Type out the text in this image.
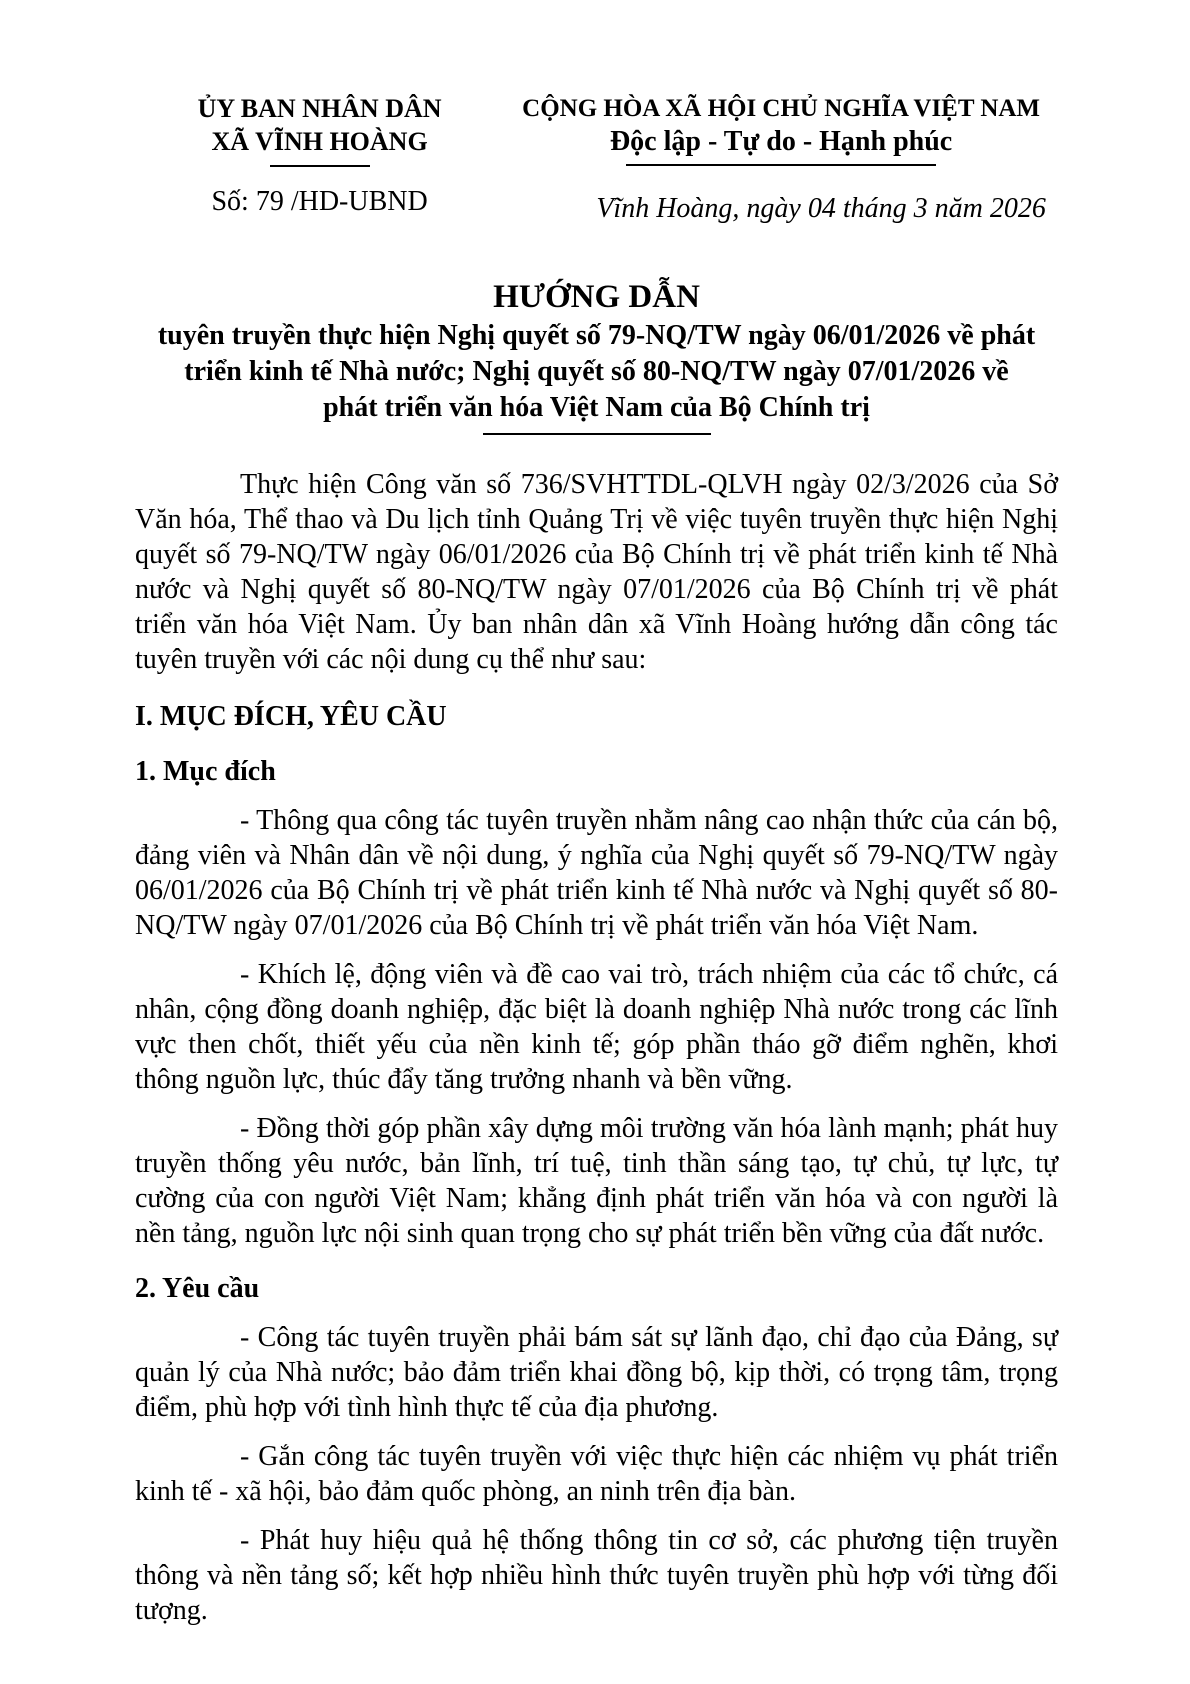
ỦY BAN NHÂN DÂN
XÃ VĨNH HOÀNG
Số: 79 /HD-UBND
CỘNG HÒA XÃ HỘI CHỦ NGHĨA VIỆT NAM
Độc lập - Tự do - Hạnh phúc
Vĩnh Hoàng, ngày 04 tháng 3 năm 2026
HƯỚNG DẪN
tuyên truyền thực hiện Nghị quyết số 79-NQ/TW ngày 06/01/2026 về phát
triển kinh tế Nhà nước; Nghị quyết số 80-NQ/TW ngày 07/01/2026 về
phát triển văn hóa Việt Nam của Bộ Chính trị

Thực hiện Công văn số 736/SVHTTDL-QLVH ngày 02/3/2026 của Sở Văn hóa, Thể thao và Du lịch tỉnh Quảng Trị về việc tuyên truyền thực hiện Nghị quyết số 79-NQ/TW ngày 06/01/2026 của Bộ Chính trị về phát triển kinh tế Nhà nước và Nghị quyết số 80-NQ/TW ngày 07/01/2026 của Bộ Chính trị về phát triển văn hóa Việt Nam. Ủy ban nhân dân xã Vĩnh Hoàng hướng dẫn công tác tuyên truyền với các nội dung cụ thể như sau:

I. MỤC ĐÍCH, YÊU CẦU

1. Mục đích

- Thông qua công tác tuyên truyền nhằm nâng cao nhận thức của cán bộ, đảng viên và Nhân dân về nội dung, ý nghĩa của Nghị quyết số 79-NQ/TW ngày 06/01/2026 của Bộ Chính trị về phát triển kinh tế Nhà nước và Nghị quyết số 80-NQ/TW ngày 07/01/2026 của Bộ Chính trị về phát triển văn hóa Việt Nam.

- Khích lệ, động viên và đề cao vai trò, trách nhiệm của các tổ chức, cá nhân, cộng đồng doanh nghiệp, đặc biệt là doanh nghiệp Nhà nước trong các lĩnh vực then chốt, thiết yếu của nền kinh tế; góp phần tháo gỡ điểm nghẽn, khơi thông nguồn lực, thúc đẩy tăng trưởng nhanh và bền vững.

- Đồng thời góp phần xây dựng môi trường văn hóa lành mạnh; phát huy truyền thống yêu nước, bản lĩnh, trí tuệ, tinh thần sáng tạo, tự chủ, tự lực, tự cường của con người Việt Nam; khẳng định phát triển văn hóa và con người là nền tảng, nguồn lực nội sinh quan trọng cho sự phát triển bền vững của đất nước.

2. Yêu cầu

- Công tác tuyên truyền phải bám sát sự lãnh đạo, chỉ đạo của Đảng, sự quản lý của Nhà nước; bảo đảm triển khai đồng bộ, kịp thời, có trọng tâm, trọng điểm, phù hợp với tình hình thực tế của địa phương.

- Gắn công tác tuyên truyền với việc thực hiện các nhiệm vụ phát triển kinh tế - xã hội, bảo đảm quốc phòng, an ninh trên địa bàn.

- Phát huy hiệu quả hệ thống thông tin cơ sở, các phương tiện truyền thông và nền tảng số; kết hợp nhiều hình thức tuyên truyền phù hợp với từng đối tượng.
